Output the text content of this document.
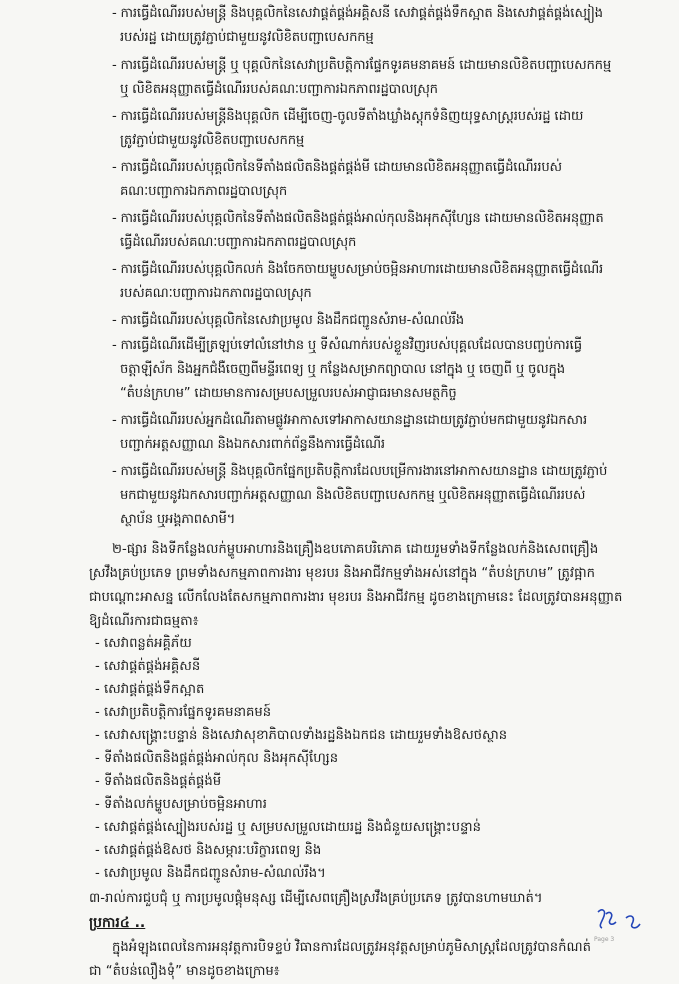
- ការធ្វើដំណើររបស់មន្ត្រី និងបុគ្គលិកនៃសេវាផ្គត់ផ្គង់អគ្គិសនី សេវាផ្គត់ផ្គង់ទឹកស្អាត និងសេវាផ្គត់ផ្គង់ស្បៀង
របស់រដ្ឋ ដោយត្រូវភ្ជាប់ជាមួយនូវលិខិតបញ្ជាបេសកកម្ម
- ការធ្វើដំណើររបស់មន្ត្រី ឬ បុគ្គលិកនៃសេវាប្រតិបត្តិការផ្ទែកទូរគមនាគមន៍ ដោយមានលិខិតបញ្ជាបេសកកម្ម
ឬ លិខិតអនុញ្ញាតធ្វើដំណើររបស់គណៈបញ្ជាការឯកភាពរដ្ឋបាលស្រុក
- ការធ្វើដំណើររបស់មន្ត្រីនិងបុគ្គលិក ដើម្បីចេញ-ចូលទីតាំងឃ្លាំងស្តុកទំនិញយុទ្ធសាស្ត្ររបស់រដ្ឋ ដោយ
ត្រូវភ្ជាប់ជាមួយនូវលិខិតបញ្ជាបេសកកម្ម
- ការធ្វើដំណើររបស់បុគ្គលិកនៃទីតាំងផលិតនិងផ្គត់ផ្គង់មី ដោយមានលិខិតអនុញ្ញាតធ្វើដំណើររបស់
គណៈបញ្ជាការឯកភាពរដ្ឋបាលស្រុក
- ការធ្វើដំណើររបស់បុគ្គលិកនៃទីតាំងផលិតនិងផ្គត់ផ្គង់អាល់កុលនិងអុកស៊ីហ្សែន ដោយមានលិខិតអនុញ្ញាត
ធ្វើដំណើររបស់គណៈបញ្ជាការឯកភាពរដ្ឋបាលស្រុក
- ការធ្វើដំណើររបស់បុគ្គលិកលក់ និងចែកចាយម្ហូបសម្រាប់ចម្អិនអាហារដោយមានលិខិតអនុញ្ញាតធ្វើដំណើរ
របស់គណៈបញ្ជាការឯកភាពរដ្ឋបាលស្រុក
- ការធ្វើដំណើររបស់បុគ្គលិកនៃសេវាប្រមូល និងដឹកជញ្ជូនសំរាម-សំណល់រឹង
- ការធ្វើដំណើរដើម្បីត្រឡប់ទៅលំនៅឋាន ឬ ទីសំណាក់របស់ខ្លួនវិញរបស់បុគ្គលដែលបានបញ្ចប់ការធ្វើ
ចត្តាឡីស័ក និងអ្នកជំងឺចេញពីមន្ទីរពេទ្យ ឬ កន្លែងសម្រាកព្យាបាល នៅក្នុង ឬ ចេញពី ឬ ចូលក្នុង
“តំបន់ក្រហម” ដោយមានការសម្របសម្រួលរបស់អាជ្ញាធរមានសមត្ថកិច្ច
- ការធ្វើដំណើររបស់អ្នកដំណើរតាមផ្លូវអាកាសទៅអាកាសយានដ្ឋានដោយត្រូវភ្ជាប់មកជាមួយនូវឯកសារ
បញ្ជាក់អត្តសញ្ញាណ និងឯកសារពាក់ព័ន្ធនឹងការធ្វើដំណើរ
- ការធ្វើដំណើររបស់មន្ត្រី និងបុគ្គលិកផ្នែកប្រតិបត្តិការដែលបម្រើការងារនៅអាកាសយានដ្ឋាន ដោយត្រូវភ្ជាប់
មកជាមួយនូវឯកសារបញ្ជាក់អត្តសញ្ញាណ និងលិខិតបញ្ជាបេសកកម្ម ឬលិខិតអនុញ្ញាតធ្វើដំណើររបស់
ស្ថាប័ន ឬអង្គភាពសាមី។
២-ផ្សារ និងទីកន្លែងលក់ម្ហូបអាហារនិងគ្រឿងឧបភោគបរិភោគ ដោយរួមទាំងទីកន្លែងលក់និងសេពគ្រឿង
ស្រវឹងគ្រប់ប្រភេទ ព្រមទាំងសកម្មភាពការងារ មុខរបរ និងអាជីវកម្មទាំងអស់នៅក្នុង “តំបន់ក្រហម” ត្រូវផ្អាក
ជាបណ្តោះអាសន្ន លើកលែងតែសកម្មភាពការងារ មុខរបរ និងអាជីវកម្ម ដូចខាងក្រោមនេះ ដែលត្រូវបានអនុញ្ញាត
ឱ្យដំណើរការជាធម្មតា៖
- សេវាពន្លត់អគ្គិភ័យ
- សេវាផ្គត់ផ្គង់អគ្គិសនី
- សេវាផ្គត់ផ្គង់ទឹកស្អាត
- សេវាប្រតិបត្តិការផ្នែកទូរគមនាគមន៍
- សេវាសង្គ្រោះបន្ទាន់ និងសេវាសុខាភិបាលទាំងរដ្ឋនិងឯកជន ដោយរួមទាំងឱសថស្ថាន
- ទីតាំងផលិតនិងផ្គត់ផ្គង់អាល់កុល និងអុកស៊ីហ្សែន
- ទីតាំងផលិតនិងផ្គត់ផ្គង់មី
- ទីតាំងលក់ម្ហូបសម្រាប់ចម្អិនអាហារ
- សេវាផ្គត់ផ្គង់ស្បៀងរបស់រដ្ឋ ឬ សម្របសម្រួលដោយរដ្ឋ និងជំនួយសង្គ្រោះបន្ទាន់
- សេវាផ្គត់ផ្គង់ឱសថ និងសម្ភារៈបរិក្ខារពេទ្យ និង
- សេវាប្រមូល និងដឹកជញ្ជូនសំរាម-សំណល់រឹង។
៣-រាល់ការជួបជុំ ឬ ការប្រមូលផ្តុំមនុស្ស ដើម្បីសេពគ្រឿងស្រវឹងគ្រប់ប្រភេទ ត្រូវបានហាមឃាត់។
ប្រការ៤ ..
ក្នុងអំឡុងពេលនៃការអនុវត្តការបិទខ្ទប់ វិធានការដែលត្រូវអនុវត្តសម្រាប់ភូមិសាស្ត្រដែលត្រូវបានកំណត់
ជា “តំបន់លឿងទុំ” មានដូចខាងក្រោម៖
Page 3
